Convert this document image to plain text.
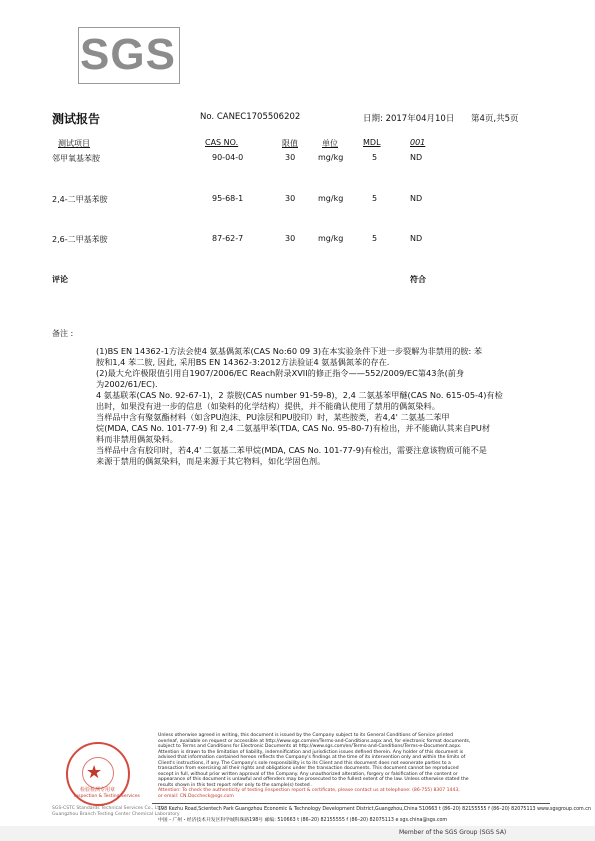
SGS
测试报告	No. CANEC1705506202	日期: 2017年04月10日 第4页,共5页
测试项目	CAS NO.	限值	单位	MDL	001
邻甲氧基苯胺	90-04-0	30	mg/kg	5	ND
2,4-二甲基苯胺	95-68-1	30	mg/kg	5	ND
2,6-二甲基苯胺	87-62-7	30	mg/kg	5	ND
评论	符合
备注 :
(1)BS EN 14362-1方法会使4 氨基偶氮苯(CAS No:60 09 3)在本实验条件下进一步裂解为非禁用的胺: 苯
胺和1,4 苯二胺, 因此, 采用BS EN 14362-3:2012方法验证4 氨基偶氮苯的存在.
(2)最大允许极限值引用自1907/2006/EC Reach附录XVII的修正指令——552/2009/EC第43条(前身
为2002/61/EC).
4 氨基联苯(CAS No. 92-67-1)，2 萘胺(CAS number 91-59-8)，2,4 二氨基苯甲醚(CAS No. 615-05-4)有检
出时，如果没有进一步的信息（如染料的化学结构）提供，并不能确认使用了禁用的偶氮染料。
当样品中含有聚氨酯材料（如含PU泡沫、PU涂层和PU胶印）时，某些胺类，若4,4' 二氨基二苯甲
烷(MDA, CAS No. 101-77-9) 和 2,4 二氨基甲苯(TDA, CAS No. 95-80-7)有检出，并不能确认其来自PU材
料而非禁用偶氮染料。
当样品中含有胶印时，若4,4' 二氨基二苯甲烷(MDA, CAS No. 101-77-9)有检出，需要注意该物质可能不是
来源于禁用的偶氮染料，而是来源于其它物料，如化学固色剂。
★
检验检测专用章
Inspection & Testing Services
SGS-CSTC Standards Technical Services Co., Ltd.
Guangzhou Branch Testing Center Chemical Laboratory
Unless otherwise agreed in writing, this document is issued by the Company subject to its General Conditions of Service printed
overleaf, available on request or accessible at http://www.sgs.com/en/Terms-and-Conditions.aspx and, for electronic format documents,
subject to Terms and Conditions for Electronic Documents at http://www.sgs.com/en/Terms-and-Conditions/Terms-e-Document.aspx.
Attention is drawn to the limitation of liability, indemnification and jurisdiction issues defined therein. Any holder of this document is
advised that information contained hereon reflects the Company's findings at the time of its intervention only and within the limits of
Client's instructions, if any. The Company's sole responsibility is to its Client and this document does not exonerate parties to a
transaction from exercising all their rights and obligations under the transaction documents. This document cannot be reproduced
except in full, without prior written approval of the Company. Any unauthorized alteration, forgery or falsification of the content or
appearance of this document is unlawful and offenders may be prosecuted to the fullest extent of the law. Unless otherwise stated the
results shown in this test report refer only to the sample(s) tested .
Attention: To check the authenticity of testing /inspection report & certificate, please contact us at telephone: (86-755) 8307 1443,
or email: CN.Doccheck@sgs.com
198 Kezhu Road,Scientech Park Guangzhou Economic & Technology Development District,Guangzhou,China 510663 t (86–20) 82155555 f (86–20) 82075113 www.sgsgroup.com.cn
中国・广州・经济技术开发区科学城科珠路198号 邮编: 510663 t (86–20) 82155555 f (86–20) 82075113 e sgs.china@sgs.com
Member of the SGS Group (SGS SA)
